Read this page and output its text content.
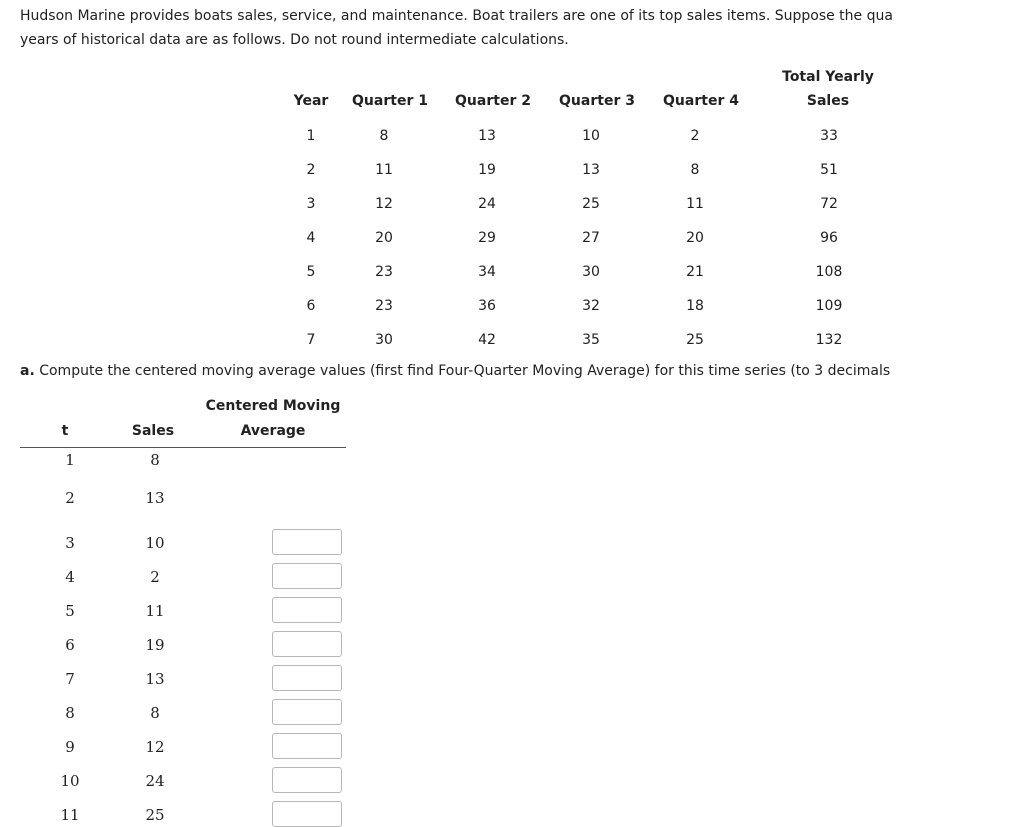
Hudson Marine provides boats sales, service, and maintenance. Boat trailers are one of its top sales items. Suppose the qua
years of historical data are as follows. Do not round intermediate calculations.
Year	Quarter 1	Quarter 2	Quarter 3	Quarter 4
Total Yearly
Sales
1	8	13	10	2	33
2	11	19	13	8	51
3	12	24	25	11	72
4	20	29	27	20	96
5	23	34	30	21	108
6	23	36	32	18	109
7	30	42	35	25	132
a. Compute the centered moving average values (first find Four-Quarter Moving Average) for this time series (to 3 decimals
t	Sales
Centered Moving
Average
1	8
2	13
3	10
4	2
5	11
6	19
7	13
8	8
9	12
10	24
11	25
